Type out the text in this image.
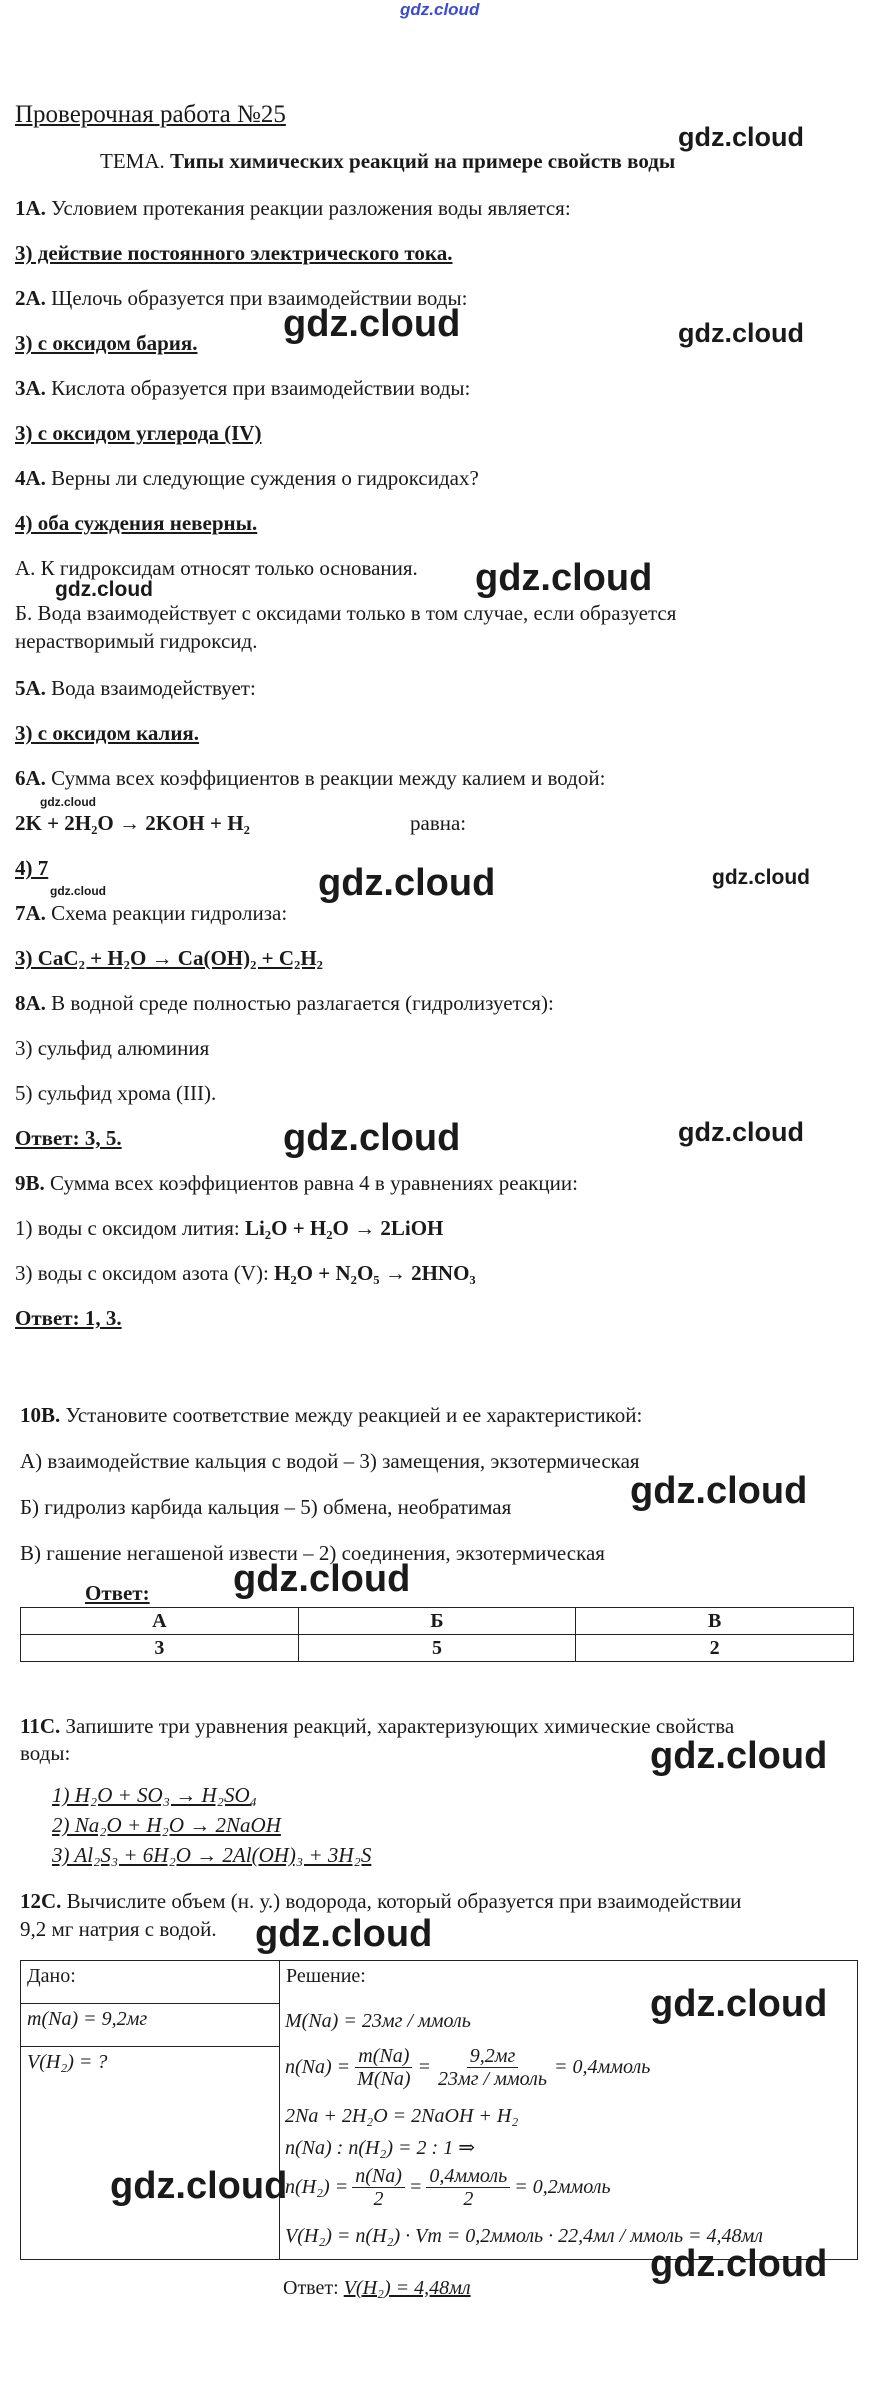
gdz.cloud
Проверочная работа №25
ТЕМА. Типы химических реакций на примере свойств воды
1А. Условием протекания реакции разложения воды является:
3) действие постоянного электрического тока.
2А. Щелочь образуется при взаимодействии воды:
3) с оксидом бария.
3А. Кислота образуется при взаимодействии воды:
3) с оксидом углерода (IV)
4А. Верны ли следующие суждения о гидроксидах?
4) оба суждения неверны.
А. К гидроксидам относят только основания.
Б. Вода взаимодействует с оксидами только в том случае, если образуется
нерастворимый гидроксид.
5А. Вода взаимодействует:
3) с оксидом калия.
6А. Сумма всех коэффициентов в реакции между калием и водой:
2K + 2H₂O → 2KOH + H₂	равна:
4) 7
7А. Схема реакции гидролиза:
3) CaC₂ + H₂O → Ca(OH)₂ + C₂H₂
8А. В водной среде полностью разлагается (гидролизуется):
3) сульфид алюминия
5) сульфид хрома (III).
Ответ: 3, 5.
9В. Сумма всех коэффициентов равна 4 в уравнениях реакции:
1) воды с оксидом лития: Li₂O + H₂O → 2LiOH
3) воды с оксидом азота (V): H₂O + N₂O₅ → 2HNO₃
Ответ: 1, 3.
10В. Установите соответствие между реакцией и ее характеристикой:
А) взаимодействие кальция с водой – 3) замещения, экзотермическая
Б) гидролиз карбида кальция – 5) обмена, необратимая
В) гашение негашеной извести – 2) соединения, экзотермическая
Ответ:
А	Б	В
3	5	2
11С. Запишите три уравнения реакций, характеризующих химические свойства
воды:
1) H₂O + SO₃ → H₂SO₄
2) Na₂O + H₂O → 2NaOH
3) Al₂S₃ + 6H₂O → 2Al(OH)₃ + 3H₂S
12С. Вычислите объем (н. у.) водорода, который образуется при взаимодействии
9,2 мг натрия с водой.
Дано:	Решение:
m(Na) = 9,2мг
V(H₂) = ?
M(Na) = 23мг / ммоль
$n(Na) = \frac{m(Na)}{M(Na)} = \frac{9,2мг}{\text{23мг / ммоль}}$ = 0,4ммоль
2Na + 2H₂O = 2NaOH + H₂
n(Na) : n(H₂) = 2 : 1 ⇒
$n(H_2) = \frac{n(Na)}{2} = \frac{\text{0,4ммоль}}{2}$ = 0,2ммоль
V(H₂) = n(H₂) · Vm = 0,2ммоль · 22,4мл / ммоль = 4,48мл
Ответ: V(H₂) = 4,48мл
gdz.cloud
gdz.cloud	gdz.cloud
gdz.cloud
gdz.cloud
gdz.cloud
gdz.cloud	gdz.cloud
gdz.cloud
gdz.cloud	gdz.cloud
gdz.cloud
gdz.cloud
gdz.cloud
gdz.cloud
gdz.cloud
gdz.cloud
gdz.cloud
